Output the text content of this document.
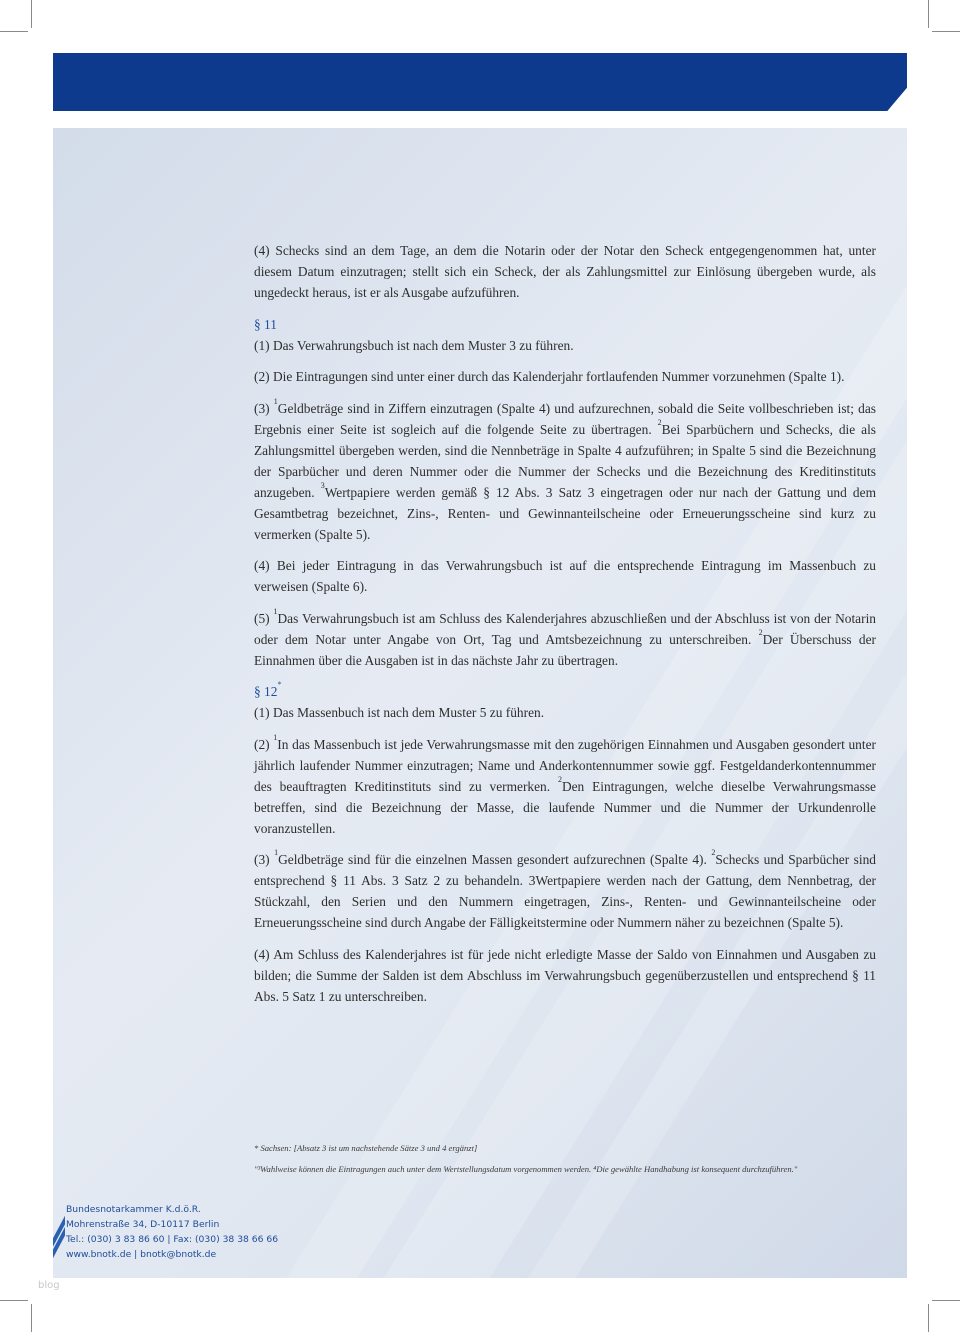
(4) Schecks sind an dem Tage, an dem die Notarin oder der Notar den Scheck entgegengenommen hat, unter diesem Datum einzutragen; stellt sich ein Scheck, der als Zahlungsmittel zur Einlösung übergeben wurde, als ungedeckt heraus, ist er als Ausgabe aufzuführen.

§ 11

(1) Das Verwahrungsbuch ist nach dem Muster 3 zu führen.

(2) Die Eintragungen sind unter einer durch das Kalenderjahr fortlaufenden Nummer vorzunehmen (Spalte 1).

(3) $^1$Geldbeträge sind in Ziffern einzutragen (Spalte 4) und aufzurechnen, sobald die Seite vollbeschrieben ist; das Ergebnis einer Seite ist sogleich auf die folgende Seite zu übertragen. $^2$Bei Sparbüchern und Schecks, die als Zahlungsmittel übergeben werden, sind die Nennbeträge in Spalte 4 aufzuführen; in Spalte 5 sind die Bezeichnung der Sparbücher und deren Nummer oder die Nummer der Schecks und die Bezeichnung des Kreditinstituts anzugeben. $^3$Wertpapiere werden gemäß § 12 Abs. 3 Satz 3 eingetragen oder nur nach der Gattung und dem Gesamtbetrag bezeichnet, Zins-, Renten- und Gewinnanteilscheine oder Erneuerungsscheine sind kurz zu vermerken (Spalte 5).

(4) Bei jeder Eintragung in das Verwahrungsbuch ist auf die entsprechende Eintragung im Massenbuch zu verweisen (Spalte 6).

(5) $^1$Das Verwahrungsbuch ist am Schluss des Kalenderjahres abzuschließen und der Abschluss ist von der Notarin oder dem Notar unter Angabe von Ort, Tag und Amtsbezeichnung zu unterschreiben. $^2$Der Überschuss der Einnahmen über die Ausgaben ist in das nächste Jahr zu übertragen.

§ 12*

(1) Das Massenbuch ist nach dem Muster 5 zu führen.

(2) $^1$In das Massenbuch ist jede Verwahrungsmasse mit den zugehörigen Einnahmen und Ausgaben gesondert unter jährlich laufender Nummer einzutragen; Name und Anderkontennummer sowie ggf. Festgeldanderkontennummer des beauftragten Kreditinstituts sind zu vermerken. $^2$Den Eintragungen, welche dieselbe Verwahrungsmasse betreffen, sind die Bezeichnung der Masse, die laufende Nummer und die Nummer der Urkundenrolle voranzustellen.

(3) $^1$Geldbeträge sind für die einzelnen Massen gesondert aufzurechnen (Spalte 4). $^2$Schecks und Sparbücher sind entsprechend § 11 Abs. 3 Satz 2 zu behandeln. 3Wertpapiere werden nach der Gattung, dem Nennbetrag, der Stückzahl, den Serien und den Nummern eingetragen, Zins-, Renten- und Gewinnanteilscheine oder Erneuerungsscheine sind durch Angabe der Fälligkeitstermine oder Nummern näher zu bezeichnen (Spalte 5).

(4) Am Schluss des Kalenderjahres ist für jede nicht erledigte Masse der Saldo von Einnahmen und Ausgaben zu bilden; die Summe der Salden ist dem Abschluss im Verwahrungsbuch gegenüberzustellen und entsprechend § 11 Abs. 5 Satz 1 zu unterschreiben.

* Sachsen: [Absatz 3 ist um nachstehende Sätze 3 und 4 ergänzt]
"³Wahlweise können die Eintragungen auch unter dem Wertstellungsdatum vorgenommen werden. ⁴Die gewählte Handhabung ist konsequent durchzuführen."
Bundesnotarkammer K.d.ö.R.
Mohrenstraße 34, D-10117 Berlin
Tel.: (030) 3 83 86 60 | Fax: (030) 38 38 66 66
www.bnotk.de | bnotk@bnotk.de
blog
